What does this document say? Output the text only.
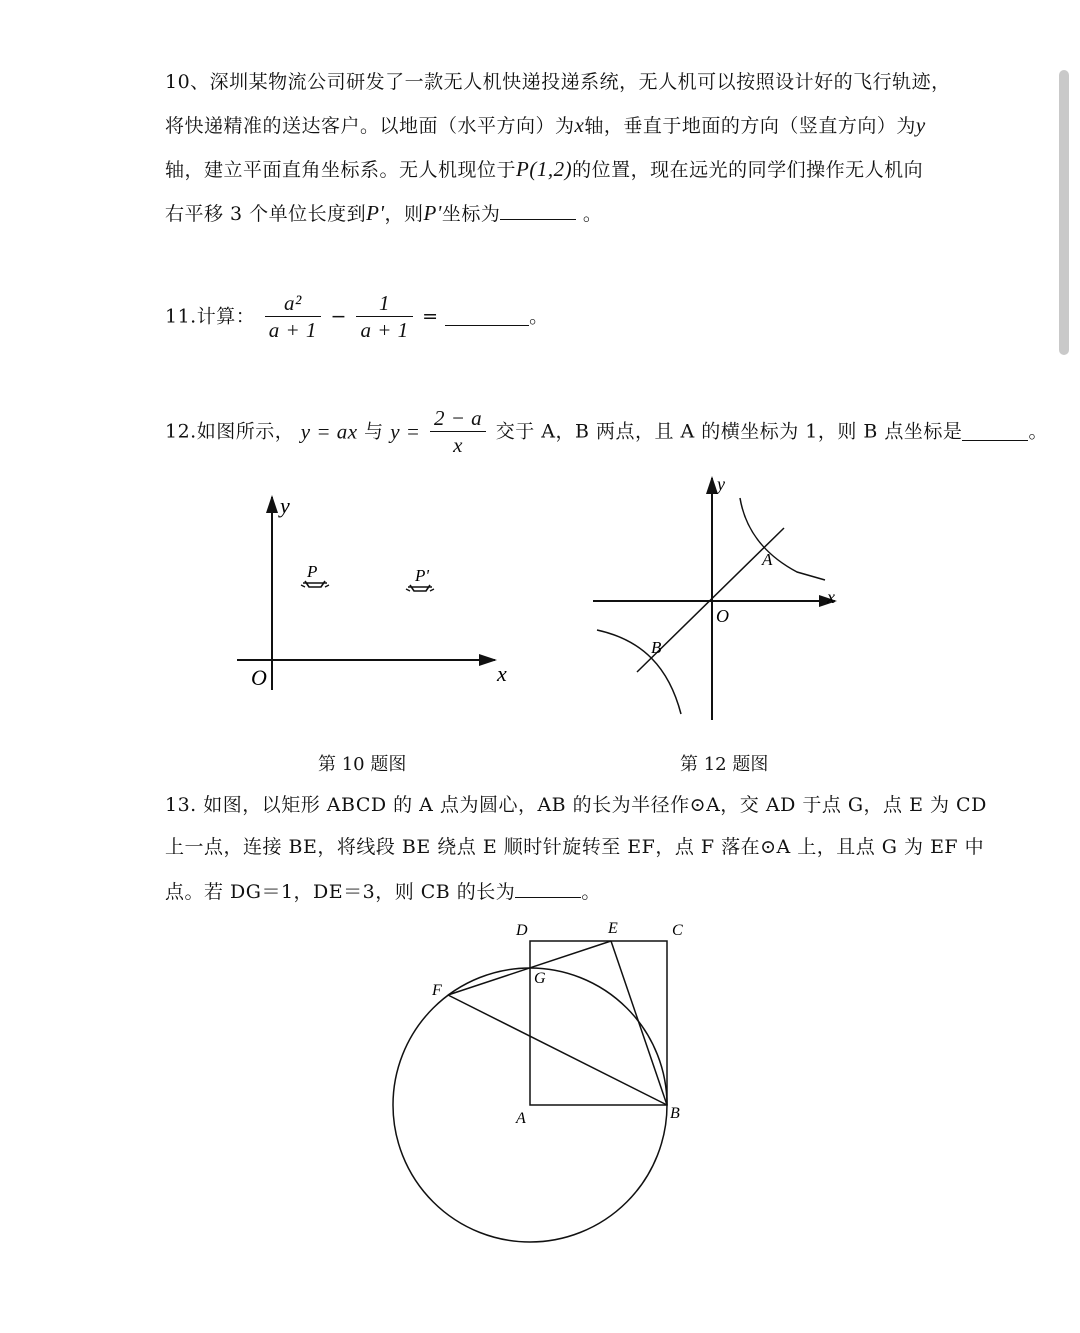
10、深圳某物流公司研发了一款无人机快递投递系统，无人机可以按照设计好的飞行轨迹，
将快递精准的送达客户。以地面（水平方向）为x轴，垂直于地面的方向（竖直方向）为y
轴，建立平面直角坐标系。无人机现位于P(1,2)的位置，现在远光的同学们操作无人机向
右平移 3 个单位长度到P'，则P'坐标为	。
11.计算： $\frac{\text{a²}}{a + 1} - \frac{1}{a + 1}$ =	。
12.如图所示， y = ax 与 $y = \frac{2 - a}{x}$ 交于 A，B 两点，且 A 的横坐标为 1，则 B 点坐标是	。
y
x
O
P	P'
y
x
O
A
B
第 10 题图	第 12 题图
13. 如图，以矩形 ABCD 的 A 点为圆心，AB 的长为半径作⊙A，交 AD 于点 G，点 E 为 CD
上一点，连接 BE，将线段 BE 绕点 E 顺时针旋转至 EF，点 F 落在⊙A 上，且点 G 为 EF 中
点。若 DG＝1，DE＝3，则 CB 的长为	。
D	E	C
G
F
A	B
